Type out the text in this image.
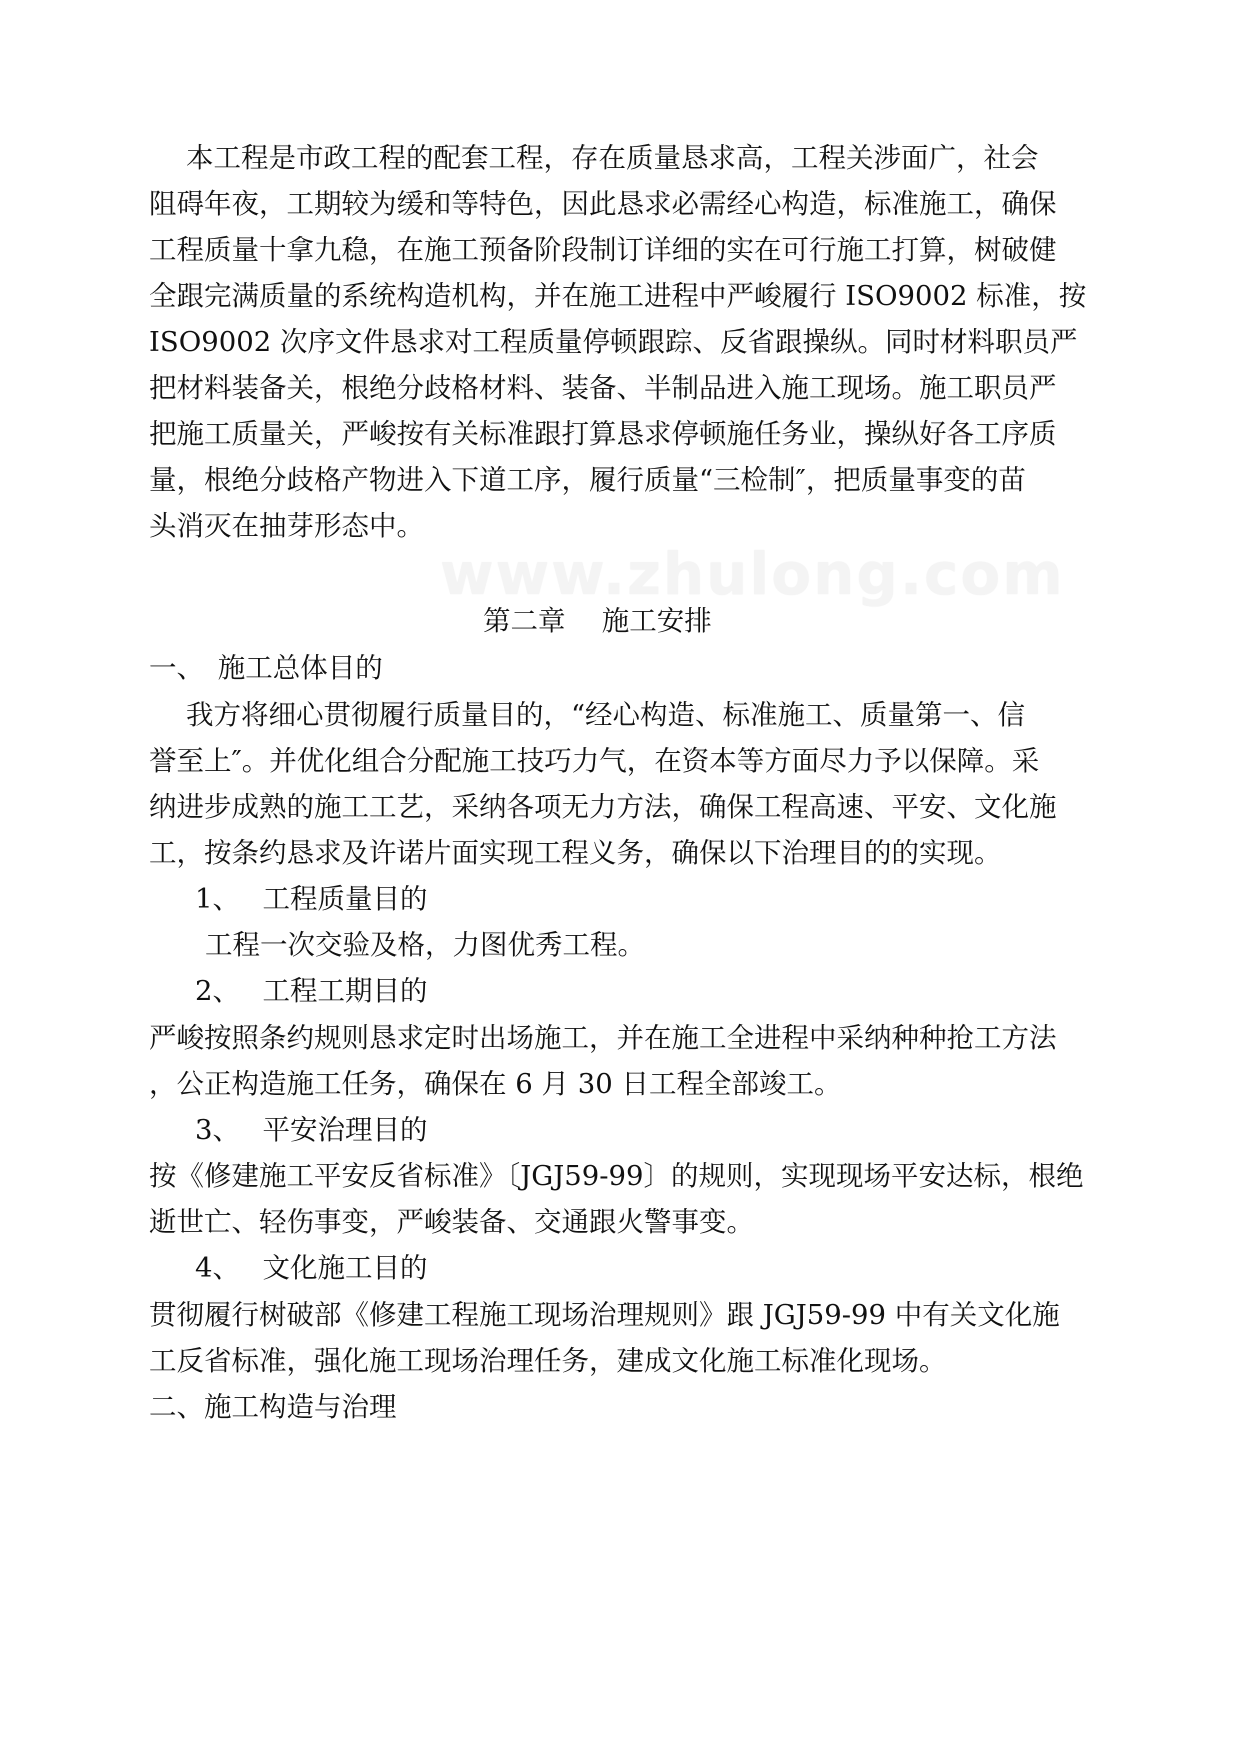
www.zhulong.com
本工程是市政工程的配套工程，存在质量恳求高，工程关涉面广，社会
阻碍年夜，工期较为缓和等特色，因此恳求必需经心构造，标准施工，确保
工程质量十拿九稳，在施工预备阶段制订详细的实在可行施工打算，树破健
全跟完满质量的系统构造机构，并在施工进程中严峻履行 ISO9002 标准，按
ISO9002 次序文件恳求对工程质量停顿跟踪、反省跟操纵。同时材料职员严
把材料装备关，根绝分歧格材料、装备、半制品进入施工现场。施工职员严
把施工质量关，严峻按有关标准跟打算恳求停顿施任务业，操纵好各工序质
量，根绝分歧格产物进入下道工序，履行质量“三检制″，把质量事变的苗
头消灭在抽芽形态中。
第二章　 施工安排
一、　施工总体目的
我方将细心贯彻履行质量目的，“经心构造、标准施工、质量第一、信
誉至上″。并优化组合分配施工技巧力气，在资本等方面尽力予以保障。采
纳进步成熟的施工工艺，采纳各项无力方法，确保工程高速、平安、文化施
工，按条约恳求及许诺片面实现工程义务，确保以下治理目的的实现。
1、　 工程质量目的
工程一次交验及格，力图优秀工程。
2、　 工程工期目的
严峻按照条约规则恳求定时出场施工，并在施工全进程中采纳种种抢工方法
，公正构造施工任务，确保在 6 月 30 日工程全部竣工。
3、　 平安治理目的
按《修建施工平安反省标准》〔JGJ59-99〕的规则，实现现场平安达标，根绝
逝世亡、轻伤事变，严峻装备、交通跟火警事变。
4、　 文化施工目的
贯彻履行树破部《修建工程施工现场治理规则》跟 JGJ59-99 中有关文化施
工反省标准，强化施工现场治理任务，建成文化施工标准化现场。
二、施工构造与治理
